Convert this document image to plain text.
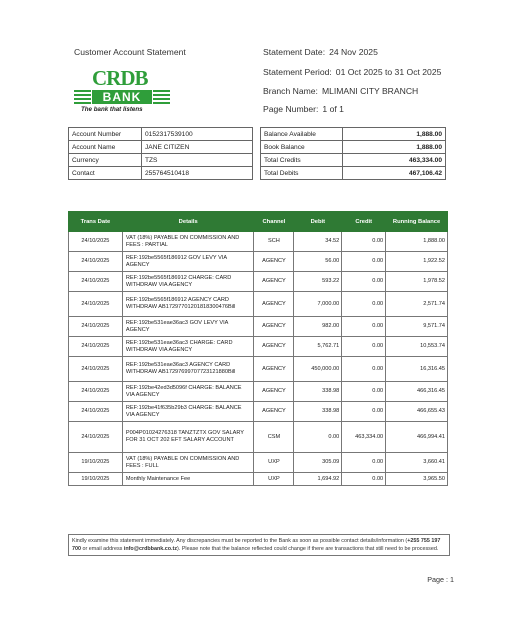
Customer Account Statement	Statement Date: 24 Nov 2025
Statement Period: 01 Oct 2025 to 31 Oct 2025
Branch Name: MLIMANI CITY BRANCH
Page Number: 1 of 1
CRDB
BANK
The bank that listens
Account Number	0152317539100
Account Name	JANE CITIZEN
Currency	TZS
Contact	255764510418
Balance Available	1,888.00
Book Balance	1,888.00
Total Credits	463,334.00
Total Debits	467,106.42
Trans Date	Details	Channel	Debit	Credit	Running Balance
24/10/2025	VAT (18%) PAYABLE ON COMMISSION AND FEES : PARTIAL	SCH	34.52	0.00	1,888.00
24/10/2025	REF:192be5565f186912 GOV LEVY VIA AGENCY	AGENCY	56.00	0.00	1,922.52
24/10/2025	REF:192be5565f186912 CHARGE: CARD WITHDRAW VIA AGENCY	AGENCY	593.22	0.00	1,978.52
24/10/2025	REF:192be5565f186912 AGENCY CARD WITHDRAW AB17297701201818300476Bill	AGENCY	7,000.00	0.00	2,571.74
24/10/2025	REF:192be531eae36ac3 GOV LEVY VIA AGENCY	AGENCY	982.00	0.00	9,571.74
24/10/2025	REF:192be531eae36ac3 CHARGE: CARD WITHDRAW VIA AGENCY	AGENCY	5,762.71	0.00	10,553.74
24/10/2025	REF:192be531eae36ac3 AGENCY CARD WITHDRAW AB17297699707723121880Bill	AGENCY	450,000.00	0.00	16,316.45
24/10/2025	REF:192be42ed3d5096f CHARGE: BALANCE VIA AGENCY	AGENCY	338.98	0.00	466,316.45
24/10/2025	REF:192be41f635b29b3 CHARGE: BALANCE VIA AGENCY	AGENCY	338.98	0.00	466,655.43
24/10/2025	P004P01024276318 TANZTZTX GOV SALARY FOR 31 OCT 202 EFT SALARY ACCOUNT	CSM	0.00	463,334.00	466,994.41
19/10/2025	VAT (18%) PAYABLE ON COMMISSION AND FEES : FULL	UXP	305.09	0.00	3,660.41
19/10/2025	Monthly Maintenance Fee	UXP	1,694.92	0.00	3,965.50
Kindly examine this statement immediately. Any discrepancies must be reported to the Bank as soon as possible contact details/information (+255 755 197 700 or email address info@crdbbank.co.tz). Please note that the balance reflected could change if there are transactions that still need to be processed.
Page : 1
